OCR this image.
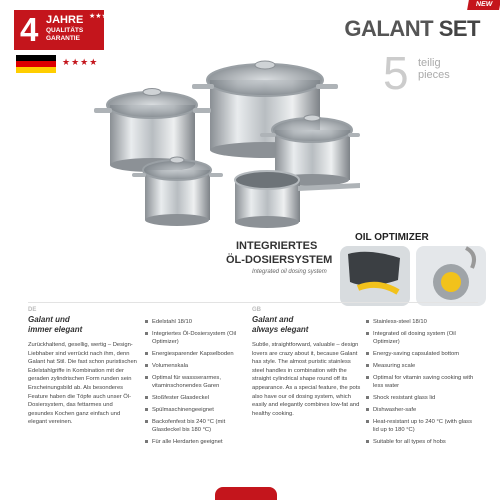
4 JAHRE
QUALITÄTS
GARANTIE
★★★
★★★★
NEW
GALANT SET
5 teilig
pieces
INTEGRIERTES
ÖL-DOSIERSYSTEM
Integrated oil dosing system
OIL OPTIMIZER
DE
Galant und
immer elegant

Zurückhaltend, gesellig, wertig – Design-Liebhaber sind verrückt nach ihm, denn Galant hat Stil. Die fast schon puristischen Edelstahlgriffe in Kombination mit der geraden zylindrischen Form runden sein Erscheinungsbild ab. Als besonderes Feature haben die Töpfe auch unser Öl-Dosiersystem, das fettarmes und gesundes Kochen ganz einfach und elegant vereinen.

Edelstahl 18/10
Integriertes Öl-Dosiersystem (Oil Optimizer)
Energiesparender Kapselboden
Volumenskala
Optimal für wassserarmes, vitaminschonendes Garen
Stoßfester Glasdeckel
Spülmaschinengeeignet
Backofenfest bis 240 °C (mit Glasdeckel bis 180 °C)
Für alle Herdarten geeignet
GB
Galant and
always elegant

Subtle, straightforward, valuable – design lovers are crazy about it, because Galant has style. The almost puristic stainless steel handles in combination with the straight cylindrical shape round off its appearance. As a special feature, the pots also have our oil dosing system, which easily and elegantly combines low-fat and healthy cooking.

Stainless-steel 18/10
Integrated oil dosing system (Oil Optimizer)
Energy-saving capsulated bottom
Measuring scale
Optimal for vitamin saving cooking with less water
Shock resistant glass lid
Dishwasher-safe
Heat-resistant up to 240 °C (with glass lid up to 180 °C)
Suitable for all types of hobs
